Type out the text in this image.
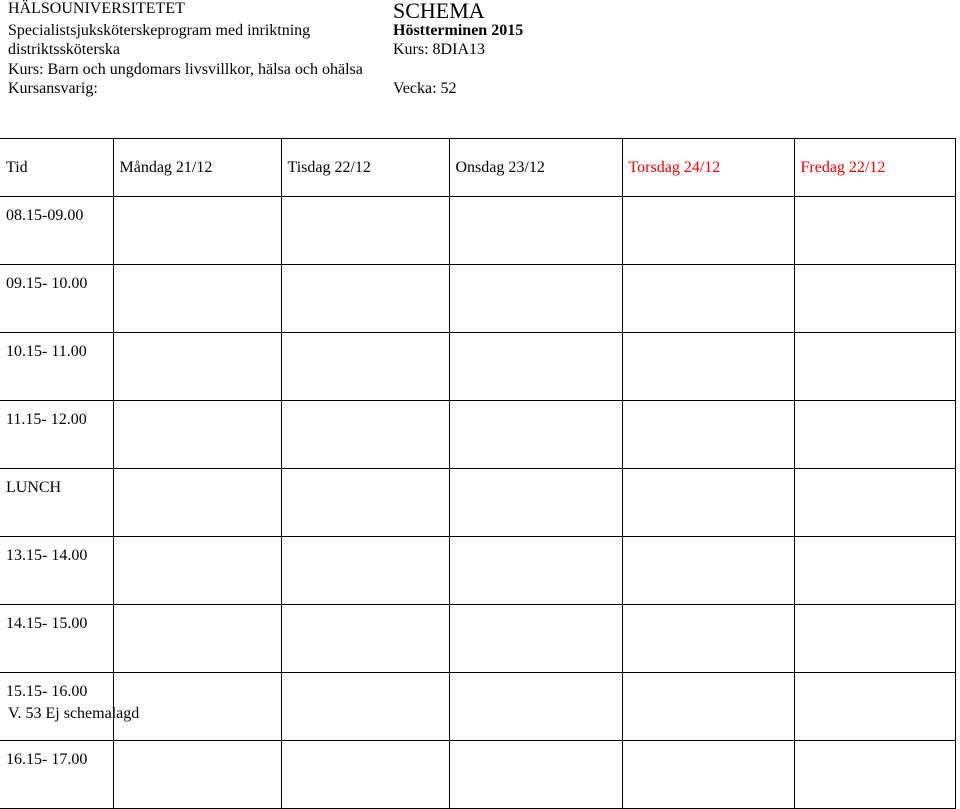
HÄLSOUNIVERSITETET
Specialistsjuksköterskeprogram med inriktning
distriktssköterska
Kurs: Barn och ungdomars livsvillkor, hälsa och ohälsa
Kursansvarig:
SCHEMA
Höstterminen 2015
Kurs: 8DIA13
Vecka: 52
Tid	Måndag 21/12	Tisdag 22/12	Onsdag 23/12	Torsdag 24/12	Fredag 22/12
08.15-09.00					
09.15- 10.00					
10.15- 11.00					
11.15- 12.00					
LUNCH					
13.15- 14.00					
14.15- 15.00					
15.15- 16.00					
16.15- 17.00					
V. 53 Ej schemalagd
